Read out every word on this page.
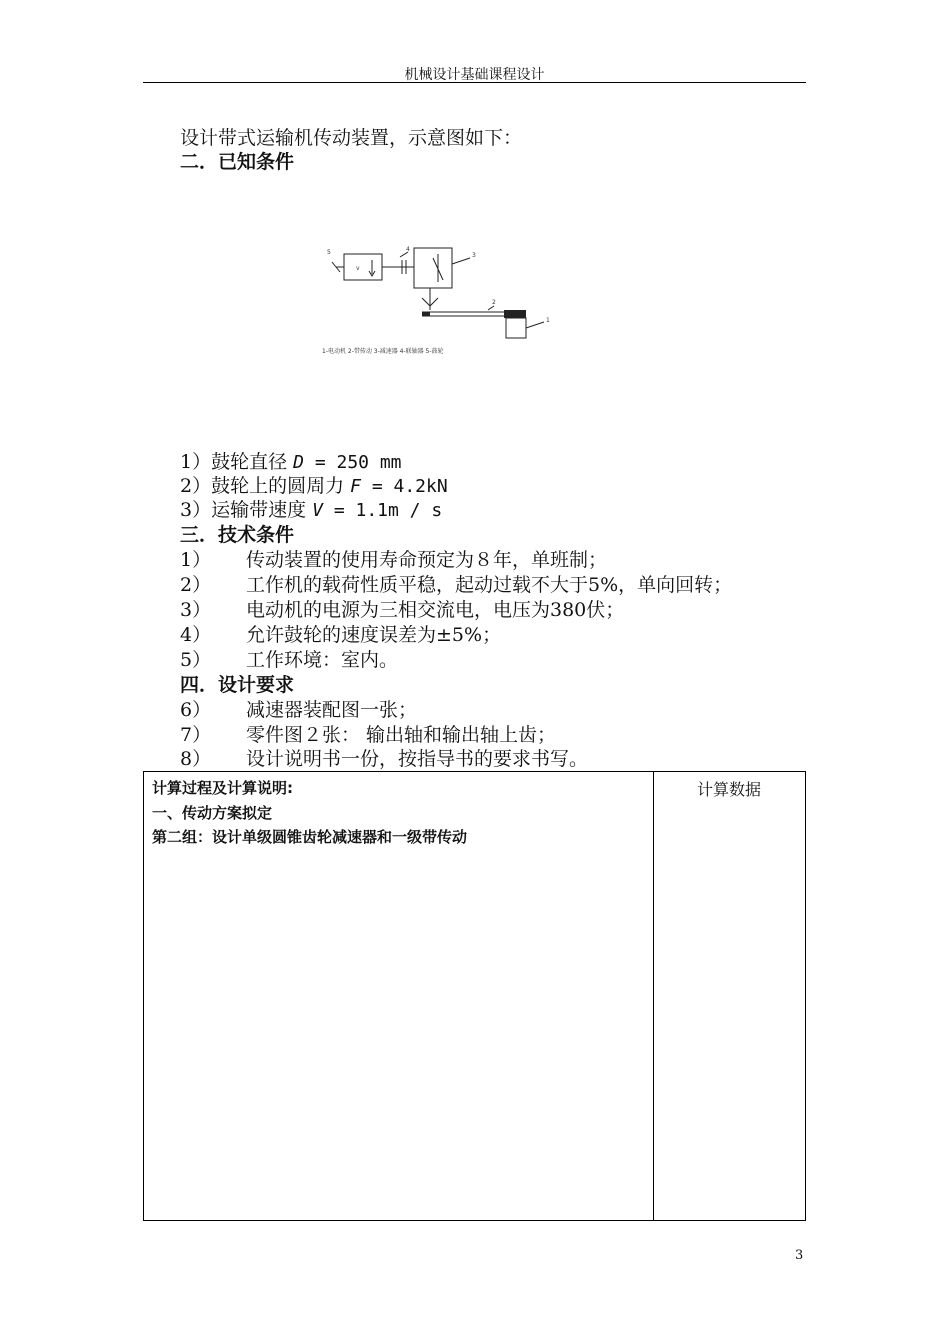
机械设计基础课程设计
设计带式运输机传动装置，示意图如下：
二．已知条件
5
v
4
3
2
1
1-电动机 2-带传动 3-减速器 4-联轴器 5-鼓轮
1）鼓轮直径 D = 250 mm
2）鼓轮上的圆周力 F = 4.2kN
3）运输带速度 V = 1.1m / s
三．技术条件
1） 传动装置的使用寿命预定为８年，单班制；
2） 工作机的载荷性质平稳，起动过载不大于5%，单向回转；
3） 电动机的电源为三相交流电，电压为380伏；
4） 允许鼓轮的速度误差为±5%；
5） 工作环境：室内。
四．设计要求
6） 减速器装配图一张；
7） 零件图２张： 输出轴和输出轴上齿；
8） 设计说明书一份，按指导书的要求书写。
计算过程及计算说明:
一、传动方案拟定
第二组：设计单级圆锥齿轮减速器和一级带传动
计算数据
3
